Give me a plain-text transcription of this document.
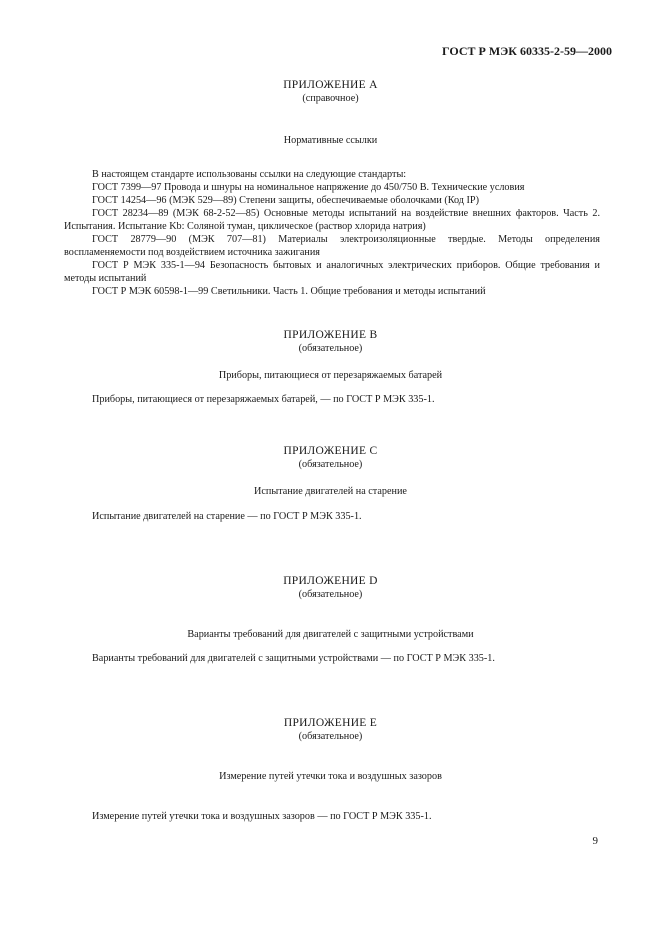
ГОСТ Р МЭК 60335-2-59—2000
ПРИЛОЖЕНИЕ А
(справочное)
Нормативные ссылки

В настоящем стандарте использованы ссылки на следующие стандарты:

ГОСТ 7399—97 Провода и шнуры на номинальное напряжение до 450/750 В. Технические условия

ГОСТ 14254—96 (МЭК 529—89) Степени защиты, обеспечиваемые оболочками (Код IP)

ГОСТ 28234—89 (МЭК 68-2-52—85) Основные методы испытаний на воздействие внешних факторов. Часть 2. Испытания. Испытание Kb: Соляной туман, циклическое (раствор хлорида натрия)

ГОСТ 28779—90 (МЭК 707—81) Материалы электроизоляционные твердые. Методы определения воспламеняемости под воздействием источника зажигания

ГОСТ Р МЭК 335-1—94 Безопасность бытовых и аналогичных электрических приборов. Общие требования и методы испытаний

ГОСТ Р МЭК 60598-1—99 Светильники. Часть 1. Общие требования и методы испытаний

ПРИЛОЖЕНИЕ В
(обязательное)
Приборы, питающиеся от перезаряжаемых батарей

Приборы, питающиеся от перезаряжаемых батарей, — по ГОСТ Р МЭК 335-1.

ПРИЛОЖЕНИЕ С
(обязательное)
Испытание двигателей на старение

Испытание двигателей на старение — по ГОСТ Р МЭК 335-1.

ПРИЛОЖЕНИЕ D
(обязательное)
Варианты требований для двигателей с защитными устройствами

Варианты требований для двигателей с защитными устройствами — по ГОСТ Р МЭК 335-1.

ПРИЛОЖЕНИЕ Е
(обязательное)
Измерение путей утечки тока и воздушных зазоров

Измерение путей утечки тока и воздушных зазоров — по ГОСТ Р МЭК 335-1.

9
